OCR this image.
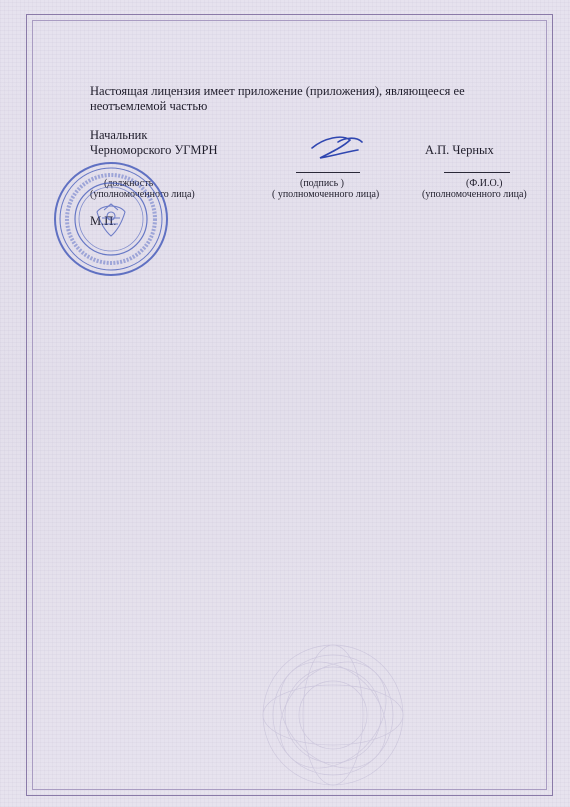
Настоящая лицензия имеет приложение (приложения), являющееся ее
неотъемлемой частью
Начальник
Черноморского УГМРН	А.П. Черных
(должность
(уполномоченного лица)
(подпись )
( уполномоченного лица)
(Ф.И.О.)
(уполномоченного лица)
М.П.
